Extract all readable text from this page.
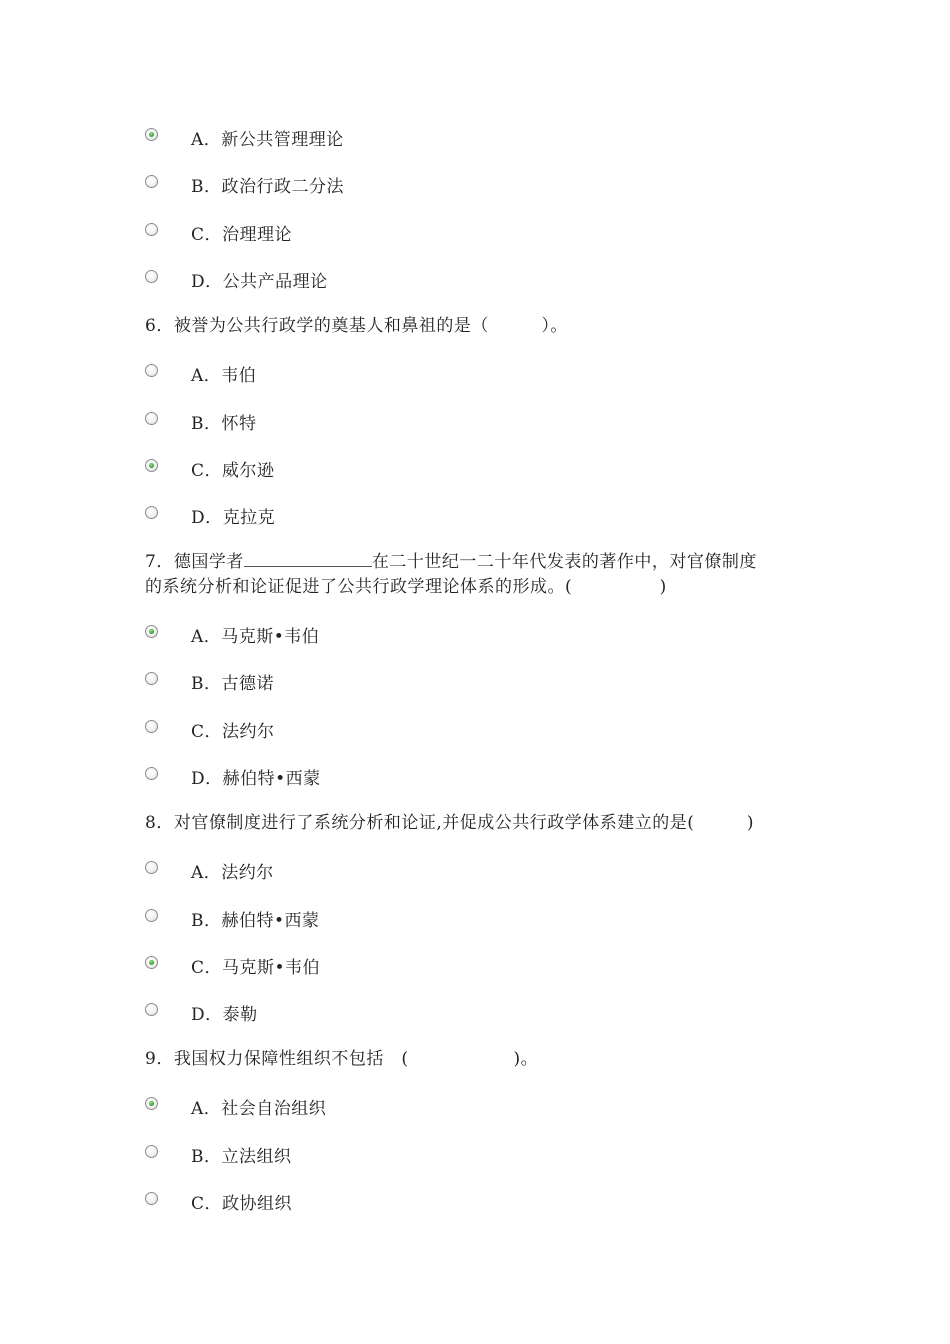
A．新公共管理理论
B．政治行政二分法
C．治理理论
D．公共产品理论
6．被誉为公共行政学的奠基人和鼻祖的是（　　　）。
A．韦伯
B．怀特
C．威尔逊
D．克拉克
7．德国学者	在二十世纪一二十年代发表的著作中，对官僚制度
的系统分析和论证促进了公共行政学理论体系的形成。(　　　　　)
A．马克斯•韦伯
B．古德诺
C．法约尔
D．赫伯特•西蒙
8．对官僚制度进行了系统分析和论证,并促成公共行政学体系建立的是(　　　)
A．法约尔
B．赫伯特•西蒙
C．马克斯•韦伯
D．泰勒
9．我国权力保障性组织不包括　(　　　　　　)。
A．社会自治组织
B．立法组织
C．政协组织
